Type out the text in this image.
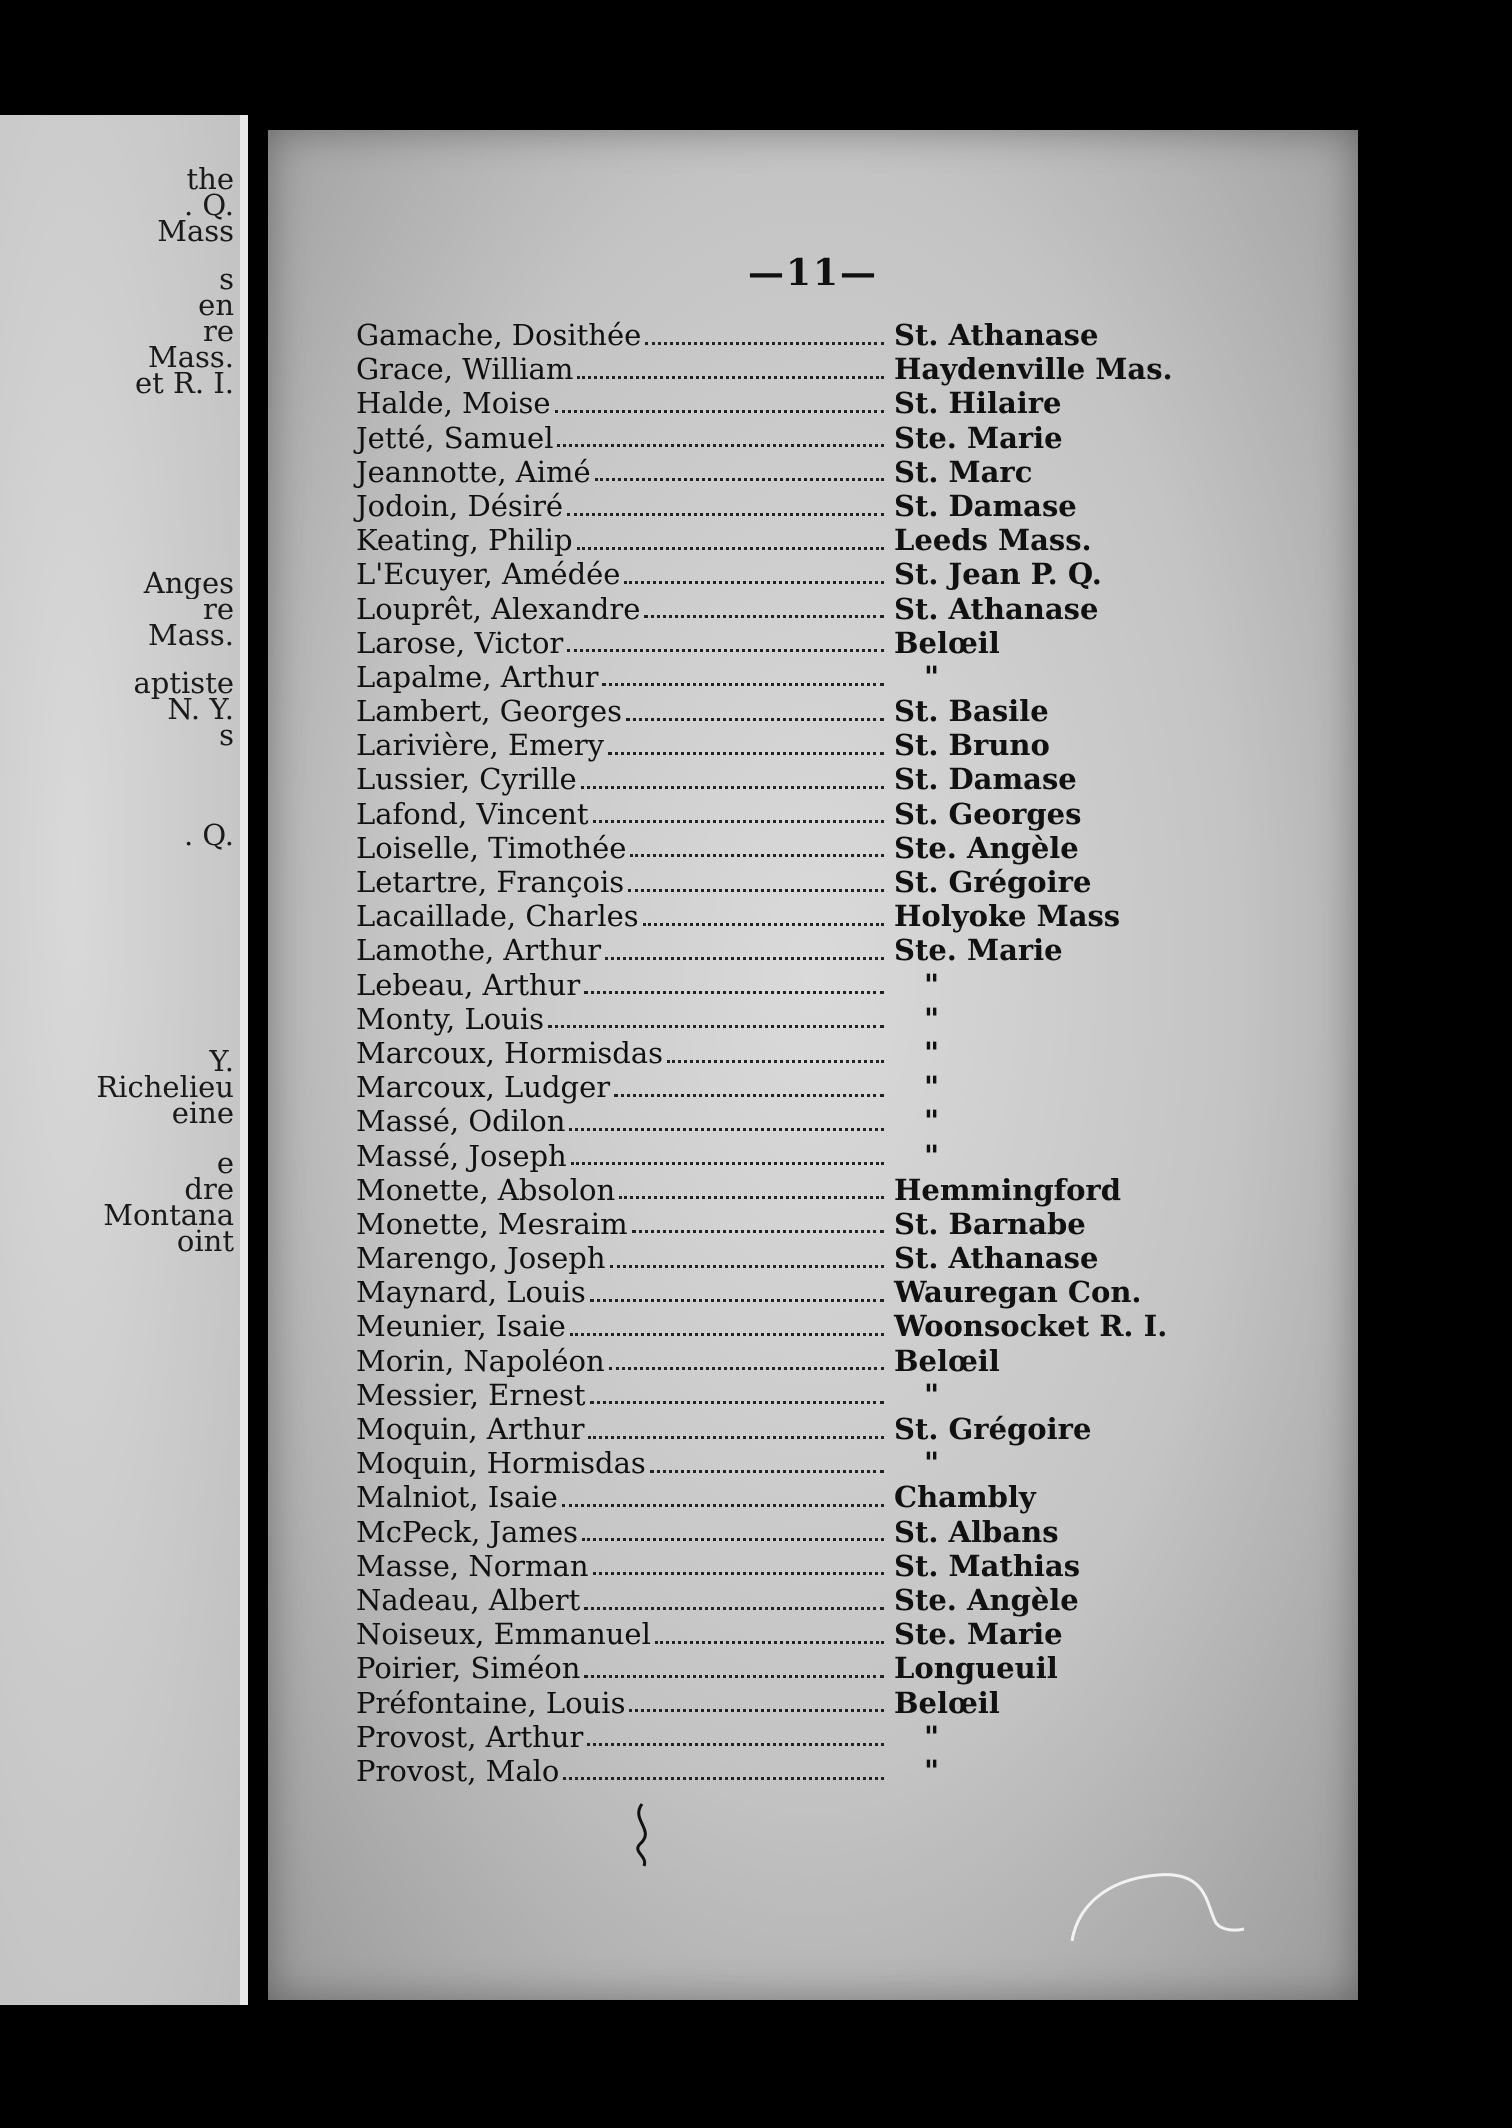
the
. Q.
Mass
s
en
re
Mass.
et R. I.
Anges
re
Mass.
aptiste
N. Y.
s
. Q.
Y.
Richelieu
eine
e
dre
Montana
oint
—11—
Gamache, Dosithée	St. Athanase
Grace, William	Haydenville Mas.
Halde, Moise	St. Hilaire
Jetté, Samuel	Ste. Marie
Jeannotte, Aimé	St. Marc
Jodoin, Désiré	St. Damase
Keating, Philip	Leeds Mass.
L'Ecuyer, Amédée	St. Jean P. Q.
Louprêt, Alexandre	St. Athanase
Larose, Victor	Belœil
Lapalme, Arthur	"
Lambert, Georges	St. Basile
Larivière, Emery	St. Bruno
Lussier, Cyrille	St. Damase
Lafond, Vincent	St. Georges
Loiselle, Timothée	Ste. Angèle
Letartre, François	St. Grégoire
Lacaillade, Charles	Holyoke Mass
Lamothe, Arthur	Ste. Marie
Lebeau, Arthur	"
Monty, Louis	"
Marcoux, Hormisdas	"
Marcoux, Ludger	"
Massé, Odilon	"
Massé, Joseph	"
Monette, Absolon	Hemmingford
Monette, Mesraim	St. Barnabe
Marengo, Joseph	St. Athanase
Maynard, Louis	Wauregan Con.
Meunier, Isaie	Woonsocket R. I.
Morin, Napoléon	Belœil
Messier, Ernest	"
Moquin, Arthur	St. Grégoire
Moquin, Hormisdas	"
Malniot, Isaie	Chambly
McPeck, James	St. Albans
Masse, Norman	St. Mathias
Nadeau, Albert	Ste. Angèle
Noiseux, Emmanuel	Ste. Marie
Poirier, Siméon	Longueuil
Préfontaine, Louis	Belœil
Provost, Arthur	"
Provost, Malo	"
